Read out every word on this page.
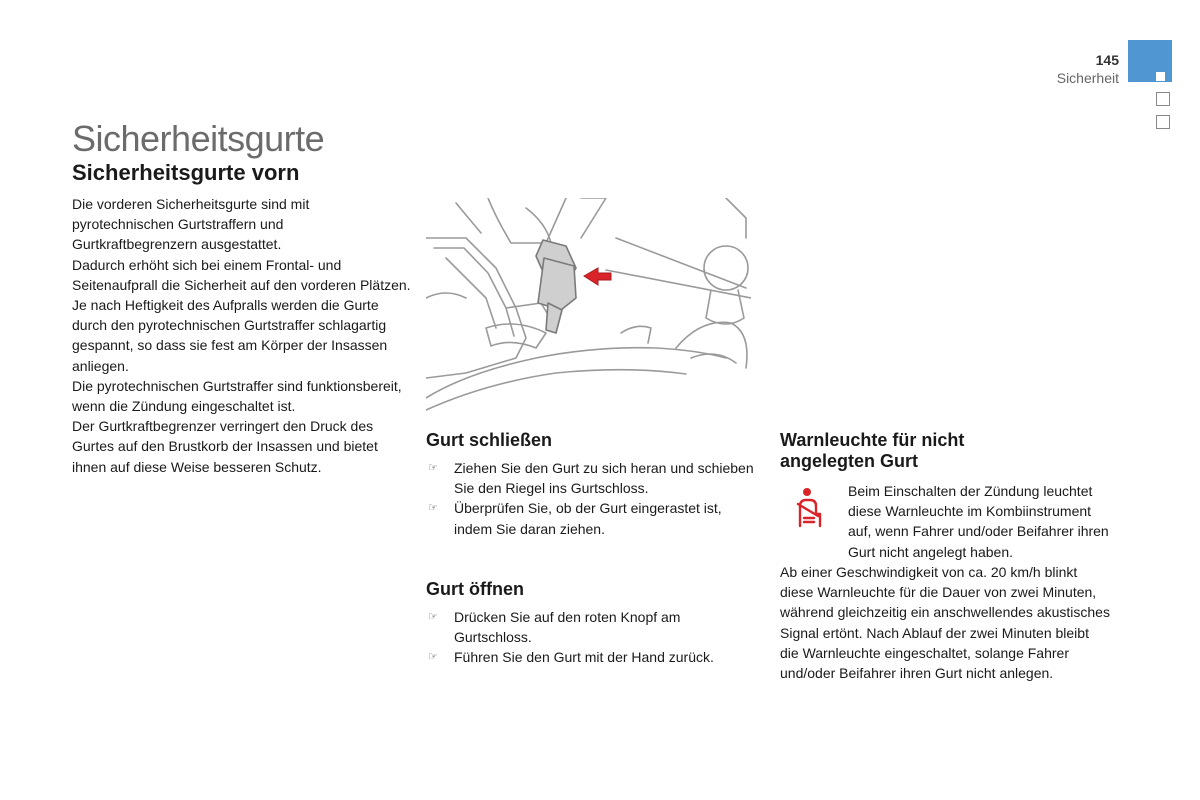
145
Sicherheit
Sicherheitsgurte
Sicherheitsgurte vorn

Die vorderen Sicherheitsgurte sind mit pyrotechnischen Gurtstraffern und Gurtkraftbegrenzern ausgestattet.

Dadurch erhöht sich bei einem Frontal- und Seitenaufprall die Sicherheit auf den vorderen Plätzen. Je nach Heftigkeit des Aufpralls werden die Gurte durch den pyrotechnischen Gurtstraffer schlagartig gespannt, so dass sie fest am Körper der Insassen anliegen.

Die pyrotechnischen Gurtstraffer sind funktionsbereit, wenn die Zündung eingeschaltet ist.

Der Gurtkraftbegrenzer verringert den Druck des Gurtes auf den Brustkorb der Insassen und bietet ihnen auf diese Weise besseren Schutz.

Gurt schließen
☞ Ziehen Sie den Gurt zu sich heran und schieben Sie den Riegel ins Gurtschloss.
☞ Überprüfen Sie, ob der Gurt eingerastet ist, indem Sie daran ziehen.
Gurt öffnen
☞ Drücken Sie auf den roten Knopf am Gurtschloss.
☞ Führen Sie den Gurt mit der Hand zurück.
Warnleuchte für nicht
angelegten Gurt

Beim Einschalten der Zündung leuchtet diese Warnleuchte im Kombiinstrument auf, wenn Fahrer und/oder Beifahrer ihren Gurt nicht angelegt haben.

Ab einer Geschwindigkeit von ca. 20 km/h blinkt diese Warnleuchte für die Dauer von zwei Minuten, während gleichzeitig ein anschwellendes akustisches Signal ertönt. Nach Ablauf der zwei Minuten bleibt die Warnleuchte eingeschaltet, solange Fahrer und/oder Beifahrer ihren Gurt nicht anlegen.
